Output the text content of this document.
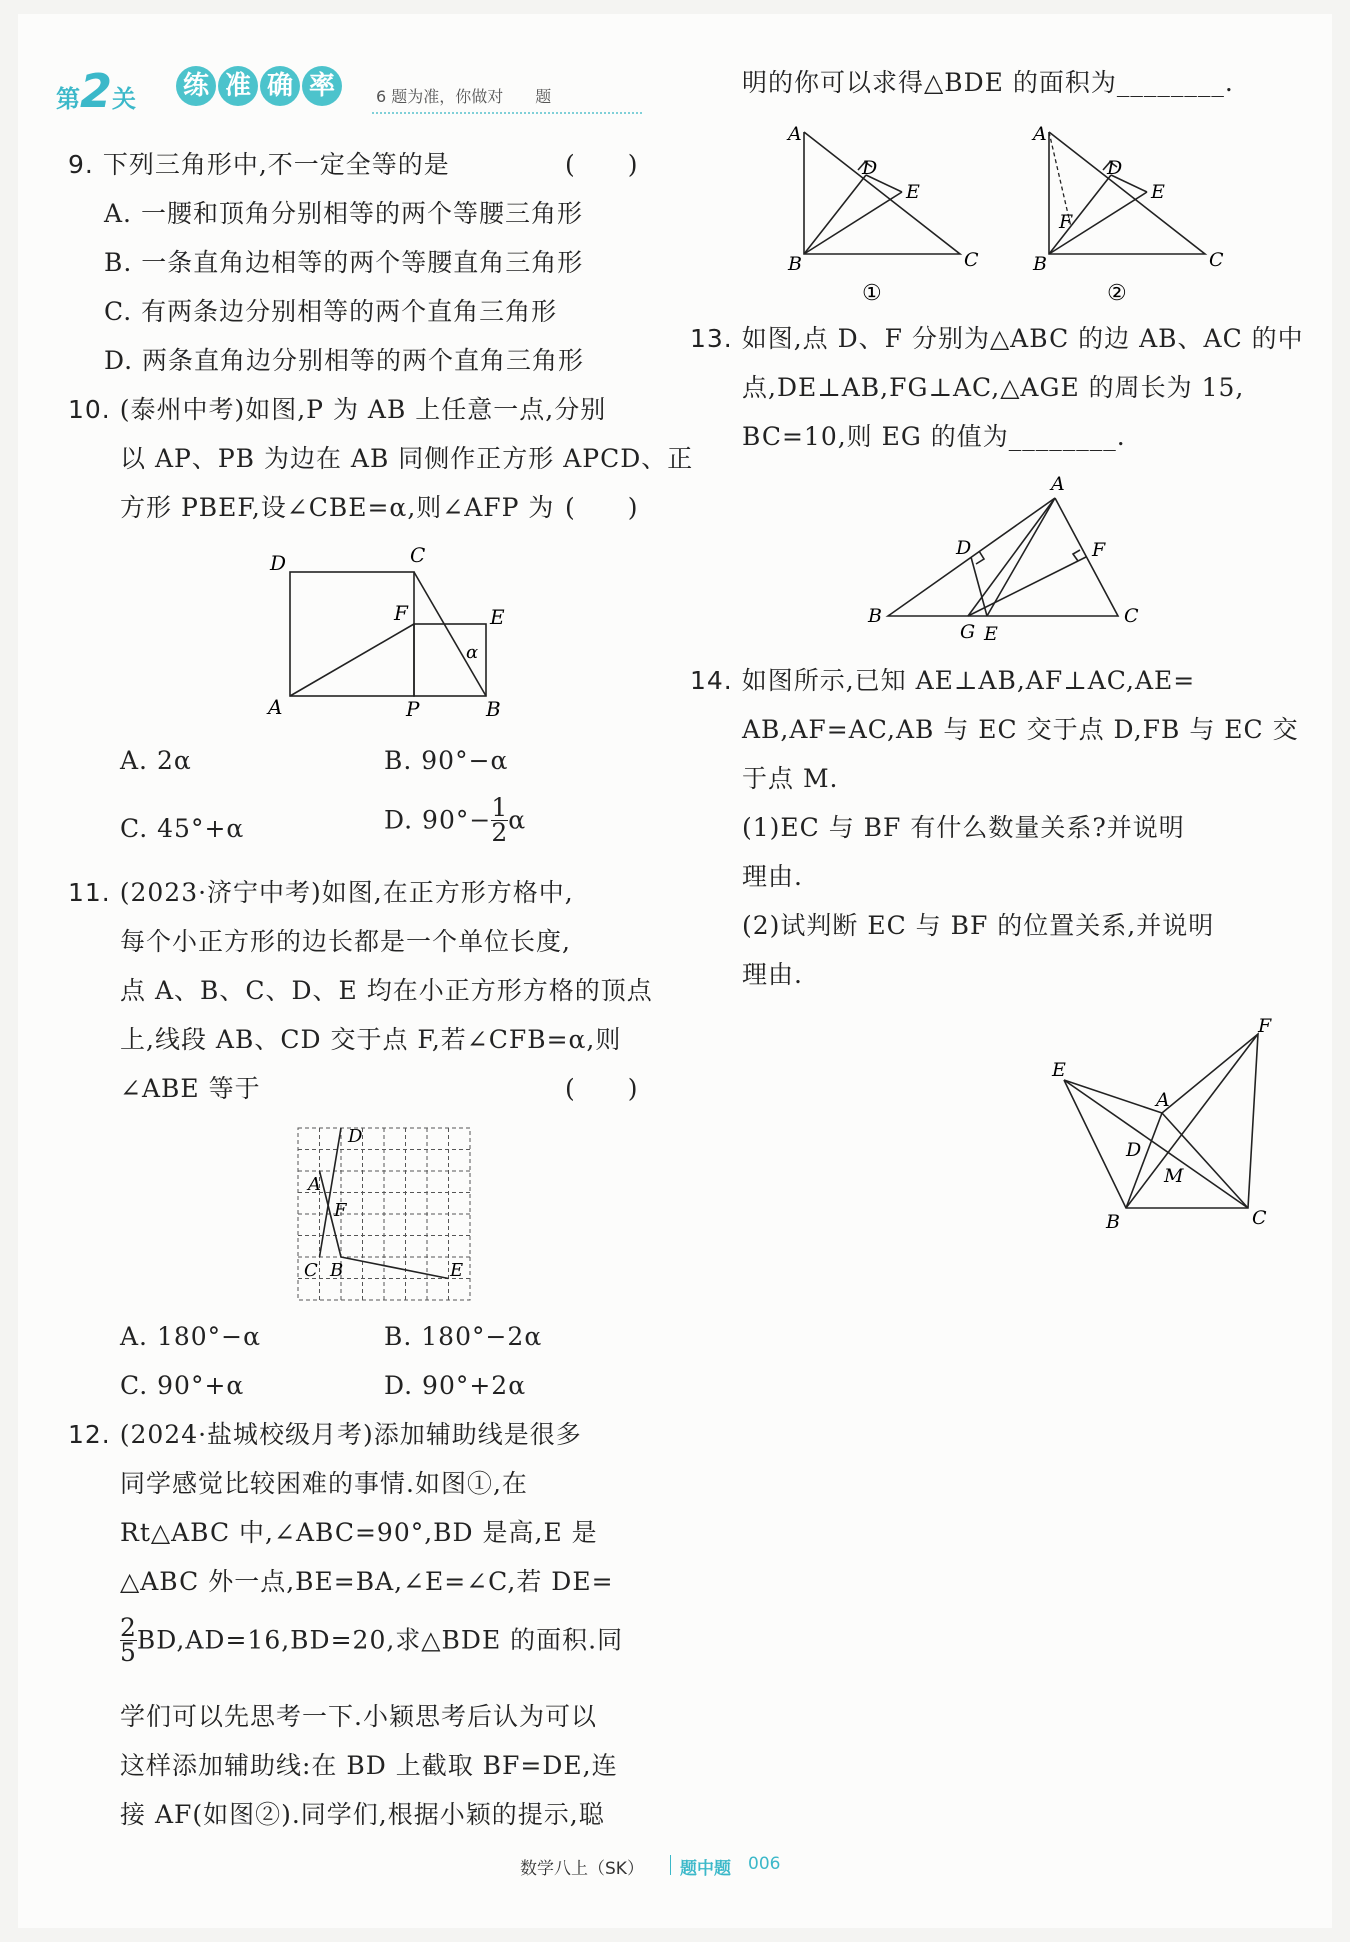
第2关 练 准 确 率	6 题为准，你做对　　题
9. 下列三角形中,不一定全等的是	(　　)
A. 一腰和顶角分别相等的两个等腰三角形
B. 一条直角边相等的两个等腰直角三角形
C. 有两条边分别相等的两个直角三角形
D. 两条直角边分别相等的两个直角三角形
10. (泰州中考)如图,P 为 AB 上任意一点,分别
以 AP、PB 为边在 AB 同侧作正方形 APCD、正
方形 PBEF,设∠CBE=α,则∠AFP 为 (　　)
D	C
F	E
A	P	B
α
A. 2α	B. 90°−α
C. 45°+α	D. $90^\circ- \frac{1}{2}$ α
11. (2023·济宁中考)如图,在正方形方格中,
每个小正方形的边长都是一个单位长度,
点 A、B、C、D、E 均在小正方形方格的顶点
上,线段 AB、CD 交于点 F,若∠CFB=α,则
∠ABE 等于	(　　)
D
A
F
C B	E
A. 180°−α	B. 180°−2α
C. 90°+α	D. 90°+2α
12. (2024·盐城校级月考)添加辅助线是很多
同学感觉比较困难的事情.如图①,在
Rt△ABC 中,∠ABC=90°,BD 是高,E 是
△ABC 外一点,BE=BA,∠E=∠C,若 DE=
$\frac{2}{5} BD,AD=16,BD=20$,求△BDE 的面积.同
学们可以先思考一下.小颖思考后认为可以
这样添加辅助线:在 BD 上截取 BF=DE,连
接 AF(如图②).同学们,根据小颖的提示,聪
明的你可以求得△BDE 的面积为________.
A
D
E
B	C
①
A
D
E
F
B	C
②
13. 如图,点 D、F 分别为△ABC 的边 AB、AC 的中
点,DE⊥AB,FG⊥AC,△AGE 的周长为 15,
BC=10,则 EG 的值为________.
A
D	F
B	C
G E
14. 如图所示,已知 AE⊥AB,AF⊥AC,AE=
AB,AF=AC,AB 与 EC 交于点 D,FB 与 EC 交
于点 M.
(1)EC 与 BF 有什么数量关系?并说明
理由.
(2)试判断 EC 与 BF 的位置关系,并说明
理由.
E
A
F
D
M
B	C
数学八上（SK） 题中题 006
